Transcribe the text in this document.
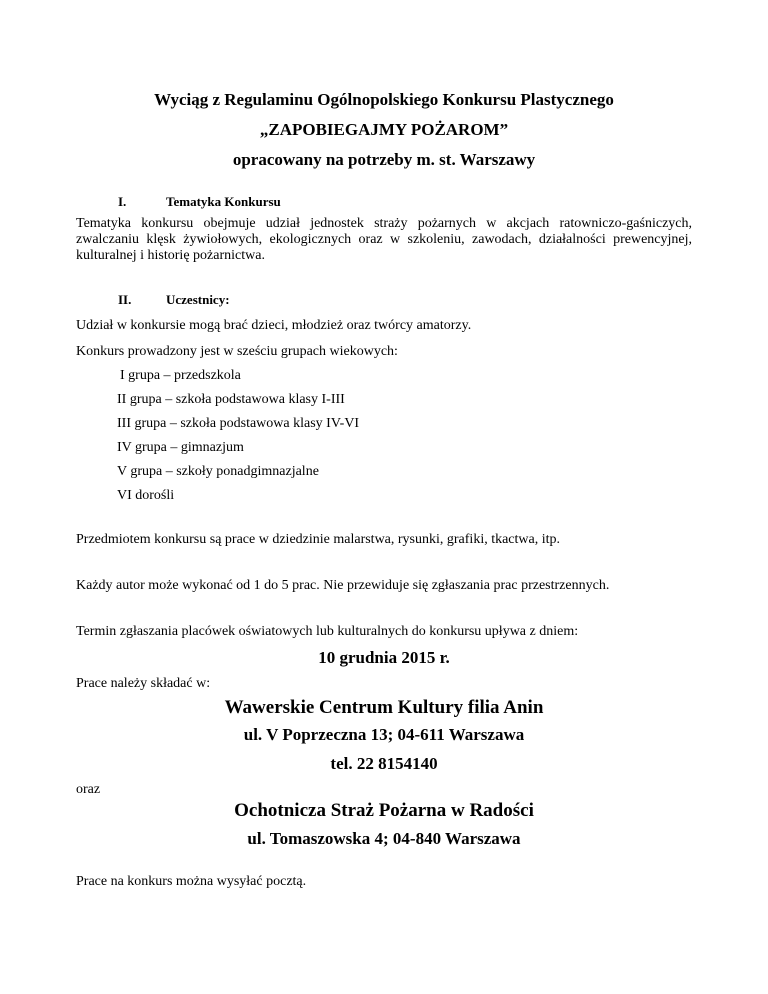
Wyciąg z Regulaminu Ogólnopolskiego Konkursu Plastycznego
„ZAPOBIEGAJMY POŻAROM”
opracowany na potrzeby m. st. Warszawy
I.	Tematyka Konkursu
Tematyka konkursu obejmuje udział jednostek straży pożarnych w akcjach ratowniczo-gaśniczych, zwalczaniu klęsk żywiołowych, ekologicznych oraz w szkoleniu, zawodach, działalności prewencyjnej, kulturalnej i historię pożarnictwa.
II.	Uczestnicy:
Udział w konkursie mogą brać dzieci, młodzież oraz twórcy amatorzy.
Konkurs prowadzony jest w sześciu grupach wiekowych:
I grupa – przedszkola
II grupa – szkoła podstawowa klasy I-III
III grupa – szkoła podstawowa klasy IV-VI
IV grupa – gimnazjum
V grupa – szkoły ponadgimnazjalne
VI dorośli
Przedmiotem konkursu są prace w dziedzinie malarstwa, rysunki, grafiki, tkactwa, itp.
Każdy autor może wykonać od 1 do 5 prac. Nie przewiduje się zgłaszania prac przestrzennych.
Termin zgłaszania placówek oświatowych lub kulturalnych do konkursu upływa z dniem:
10 grudnia 2015 r.
Prace należy składać w:
Wawerskie Centrum Kultury filia Anin
ul. V Poprzeczna 13; 04-611 Warszawa
tel. 22 8154140
oraz
Ochotnicza Straż Pożarna w Radości
ul. Tomaszowska 4; 04-840 Warszawa
Prace na konkurs można wysyłać pocztą.
